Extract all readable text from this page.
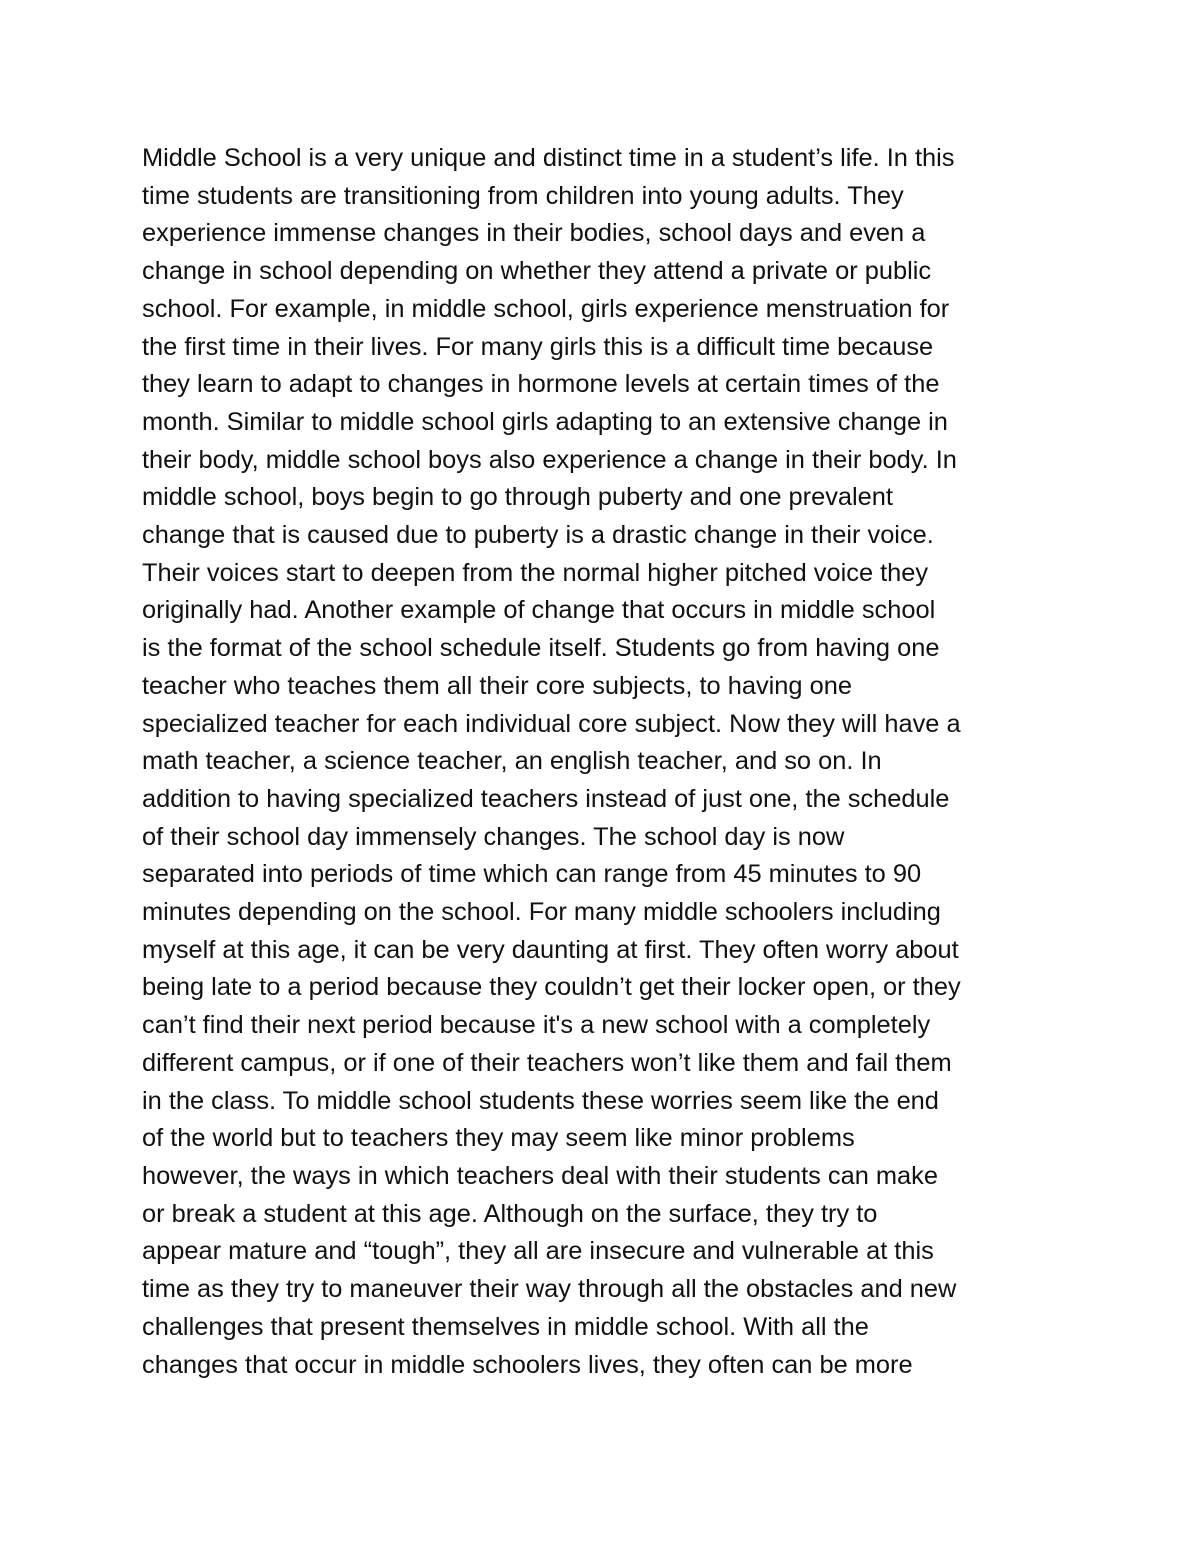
Middle School is a very unique and distinct time in a student’s life. In this
time students are transitioning from children into young adults. They
experience immense changes in their bodies, school days and even a
change in school depending on whether they attend a private or public
school. For example, in middle school, girls experience menstruation for
the first time in their lives. For many girls this is a difficult time because
they learn to adapt to changes in hormone levels at certain times of the
month. Similar to middle school girls adapting to an extensive change in
their body, middle school boys also experience a change in their body. In
middle school, boys begin to go through puberty and one prevalent
change that is caused due to puberty is a drastic change in their voice.
Their voices start to deepen from the normal higher pitched voice they
originally had. Another example of change that occurs in middle school
is the format of the school schedule itself. Students go from having one
teacher who teaches them all their core subjects, to having one
specialized teacher for each individual core subject. Now they will have a
math teacher, a science teacher, an english teacher, and so on. In
addition to having specialized teachers instead of just one, the schedule
of their school day immensely changes. The school day is now
separated into periods of time which can range from 45 minutes to 90
minutes depending on the school. For many middle schoolers including
myself at this age, it can be very daunting at first. They often worry about
being late to a period because they couldn’t get their locker open, or they
can’t find their next period because it's a new school with a completely
different campus, or if one of their teachers won’t like them and fail them
in the class. To middle school students these worries seem like the end
of the world but to teachers they may seem like minor problems
however, the ways in which teachers deal with their students can make
or break a student at this age. Although on the surface, they try to
appear mature and “tough”, they all are insecure and vulnerable at this
time as they try to maneuver their way through all the obstacles and new
challenges that present themselves in middle school. With all the
changes that occur in middle schoolers lives, they often can be more
